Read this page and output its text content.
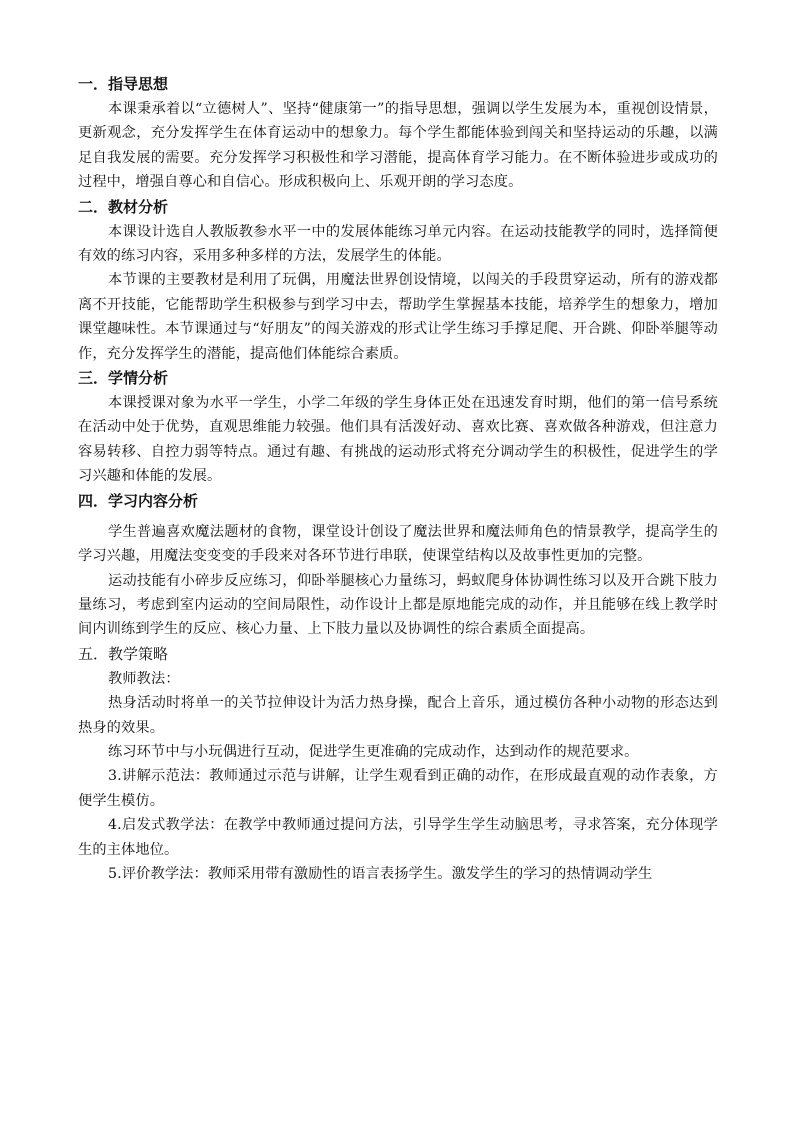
一．指导思想

本课秉承着以“立德树人”、坚持“健康第一”的指导思想，强调以学生发展为本，重视创设情景，更新观念，充分发挥学生在体育运动中的想象力。每个学生都能体验到闯关和坚持运动的乐趣，以满足自我发展的需要。充分发挥学习积极性和学习潜能，提高体育学习能力。在不断体验进步或成功的过程中，增强自尊心和自信心。形成积极向上、乐观开朗的学习态度。

二．教材分析

本课设计选自人教版教参水平一中的发展体能练习单元内容。在运动技能教学的同时，选择简便有效的练习内容，采用多种多样的方法，发展学生的体能。

本节课的主要教材是利用了玩偶，用魔法世界创设情境，以闯关的手段贯穿运动，所有的游戏都离不开技能，它能帮助学生积极参与到学习中去，帮助学生掌握基本技能，培养学生的想象力，增加课堂趣味性。本节课通过与“好朋友”的闯关游戏的形式让学生练习手撑足爬、开合跳、仰卧举腿等动作，充分发挥学生的潜能，提高他们体能综合素质。

三．学情分析

本课授课对象为水平一学生，小学二年级的学生身体正处在迅速发育时期，他们的第一信号系统在活动中处于优势，直观思维能力较强。他们具有活泼好动、喜欢比赛、喜欢做各种游戏，但注意力容易转移、自控力弱等特点。通过有趣、有挑战的运动形式将充分调动学生的积极性，促进学生的学习兴趣和体能的发展。

四．学习内容分析

学生普遍喜欢魔法题材的食物，课堂设计创设了魔法世界和魔法师角色的情景教学，提高学生的学习兴趣，用魔法变变变的手段来对各环节进行串联，使课堂结构以及故事性更加的完整。

运动技能有小碎步反应练习，仰卧举腿核心力量练习，蚂蚁爬身体协调性练习以及开合跳下肢力量练习，考虑到室内运动的空间局限性，动作设计上都是原地能完成的动作，并且能够在线上教学时间内训练到学生的反应、核心力量、上下肢力量以及协调性的综合素质全面提高。

五．教学策略

教师教法：

热身活动时将单一的关节拉伸设计为活力热身操，配合上音乐，通过模仿各种小动物的形态达到热身的效果。

练习环节中与小玩偶进行互动，促进学生更准确的完成动作，达到动作的规范要求。

3.讲解示范法：教师通过示范与讲解，让学生观看到正确的动作，在形成最直观的动作表象，方便学生模仿。

4.启发式教学法：在教学中教师通过提问方法，引导学生学生动脑思考，寻求答案，充分体现学生的主体地位。

5.评价教学法：教师采用带有激励性的语言表扬学生。激发学生的学习的热情调动学生
